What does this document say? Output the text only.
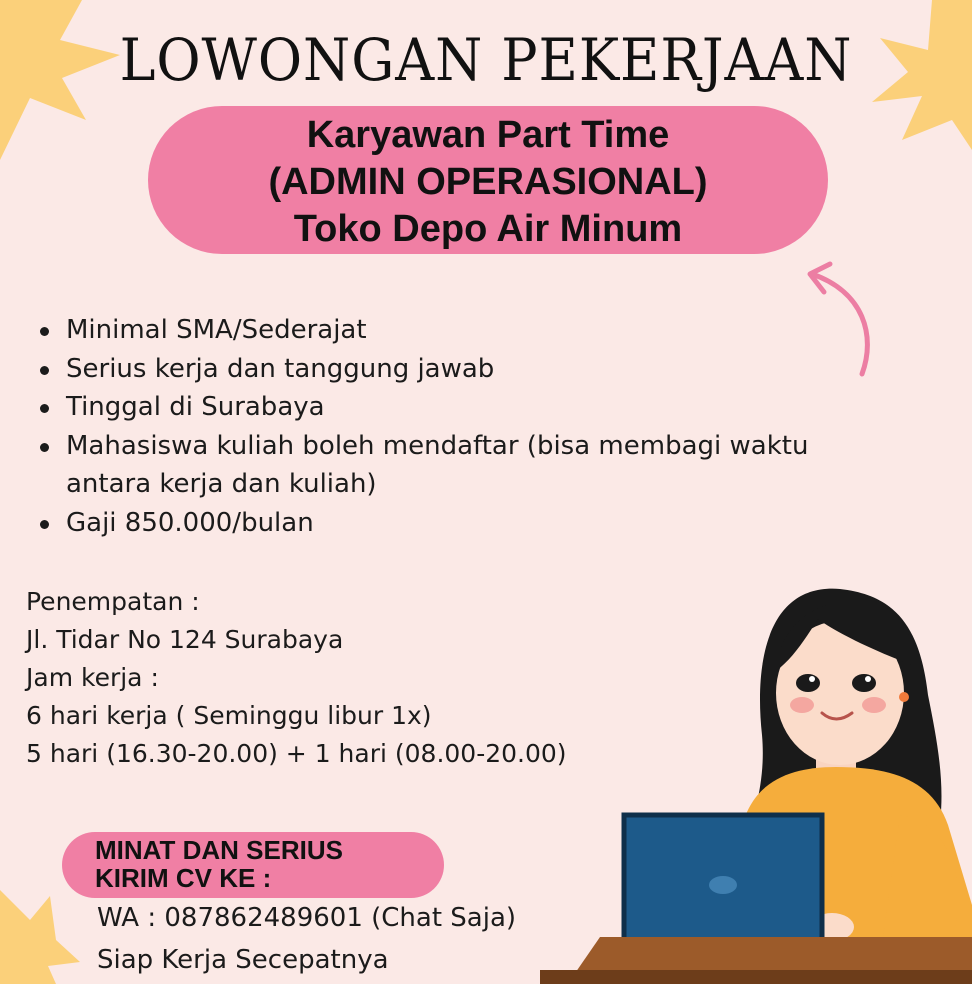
LOWONGAN PEKERJAAN
Karyawan Part Time
(ADMIN OPERASIONAL)
Toko Depo Air Minum
Minimal SMA/Sederajat
Serius kerja dan tanggung jawab
Tinggal di Surabaya
Mahasiswa kuliah boleh mendaftar (bisa membagi waktu
antara kerja dan kuliah)
Gaji 850.000/bulan
Penempatan :
Jl. Tidar No 124 Surabaya
Jam kerja :
6 hari kerja ( Seminggu libur 1x)
5 hari (16.30-20.00) + 1 hari (08.00-20.00)
MINAT DAN SERIUS
KIRIM CV KE :
WA : 087862489601 (Chat Saja)
Siap Kerja Secepatnya
